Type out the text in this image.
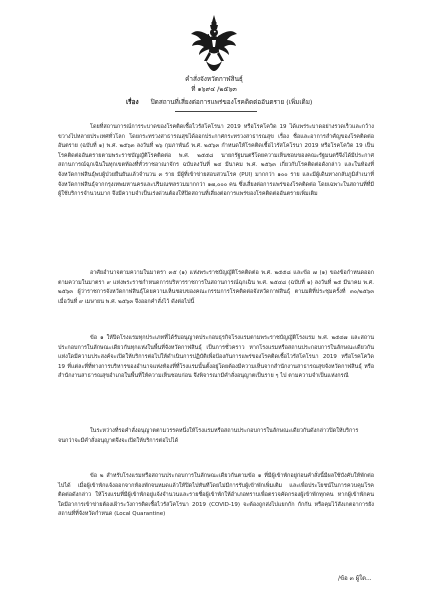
คำสั่งจังหวัดกาฬสินธุ์
ที่ ๑๖๙๔ /๒๕๖๓
เรื่อง ปิดสถานที่เสี่ยงต่อการแพร่ของโรคติดต่ออันตราย (เพิ่มเติม)

โดยที่สถานการณ์การระบาดของโรคติดเชื้อไวรัสโคโรนา 2019 หรือโรคโควิด 19 ได้แพร่ระบาดอย่างรวดเร็วและกว้างขวางไปหลายประเทศทั่วโลก โดยกระทรวงสาธารณสุขได้ออกประกาศกระทรวงสาธารณสุข เรื่อง ชื่อและอาการสำคัญของโรคติดต่ออันตราย (ฉบับที่ ๑) พ.ศ. ๒๕๖๓ ลงวันที่ ๒๖ กุมภาพันธ์ พ.ศ. ๒๕๖๓ กำหนดให้โรคติดเชื้อไวรัสโคโรนา 2019 หรือโรคโควิด 19 เป็นโรคติดต่ออันตรายตามพระราชบัญญัติโรคติดต่อ พ.ศ. ๒๕๕๘ นายกรัฐมนตรีโดยความเห็นชอบของคณะรัฐมนตรีจึงได้มีประกาศสถานการณ์ฉุกเฉินในทุกเขตท้องที่ทั่วราชอาณาจักร ฉบับลงวันที่ ๒๔ มีนาคม พ.ศ. ๒๕๖๓ เกี่ยวกับโรคติดต่อดังกล่าว และในท้องที่จังหวัดกาฬสินธุ์พบผู้ป่วยยืนยันแล้วจำนวน ๓ ราย มีผู้ที่เข้าข่ายสอบสวนโรค (PUI) มากกว่า ๑๐๐ ราย และมีผู้เดินทางกลับภูมิลำเนาที่จังหวัดกาฬสินธุ์จากกรุงเทพมหานครและปริมณฑลรวมมากกว่า ๑๗,๐๐๐ คน ซึ่งเสี่ยงต่อการแพร่ของโรคติดต่อ โดยเฉพาะในสถานที่ที่มีผู้ใช้บริการจำนวนมาก จึงมีความจำเป็นเร่งด่วนต้องให้ปิดสถานที่เสี่ยงต่อการแพร่ของโรคติดต่ออันตรายเพิ่มเติม

อาศัยอำนาจตามความในมาตรา ๓๕ (๑) แห่งพระราชบัญญัติโรคติดต่อ พ.ศ. ๒๕๕๘ และข้อ ๗ (๑) ของข้อกำหนดออกตามความในมาตรา ๙ แห่งพระราชกำหนดการบริหารราชการในสถานการณ์ฉุกเฉิน พ.ศ. ๒๕๔๘ (ฉบับที่ ๑) ลงวันที่ ๒๕ มีนาคม พ.ศ. ๒๕๖๓ ผู้ว่าราชการจังหวัดกาฬสินธุ์โดยความเห็นชอบของคณะกรรมการโรคติดต่อจังหวัดกาฬสินธุ์ ตามมติที่ประชุมครั้งที่ ๓๐/๒๕๖๓ เมื่อวันที่ ๙ เมษายน พ.ศ. ๒๕๖๓ จึงออกคำสั่งไว้ ดังต่อไปนี้

ข้อ ๑ ให้ปิดโรงแรมทุกประเภทที่ได้รับอนุญาตประกอบธุรกิจโรงแรมตามพระราชบัญญัติโรงแรม พ.ศ. ๒๕๔๗ และสถานประกอบการในลักษณะเดียวกันทุกแห่งในพื้นที่จังหวัดกาฬสินธุ์ เป็นการชั่วคราว หากโรงแรมหรือสถานประกอบการในลักษณะเดียวกันแห่งใดมีความประสงค์จะเปิดให้บริการต่อไปให้ดำเนินการปฏิบัติเพื่อป้องกันการแพร่ของโรคติดเชื้อไวรัสโคโรนา 2019 หรือโรคโควิด 19 ที่แต่ละที่ที่ทางการบริหารของอำนาจแห่งท้องที่ที่โรงแรมนั้นตั้งอยู่โดยต้องมีความเห็นจากสำนักงานสาธารณสุขจังหวัดกาฬสินธุ์ หรือสำนักงานสาธารณสุขอำเภอในพื้นที่ให้ความเห็นชอบก่อน จึงพิจารณามีคำสั่งอนุญาตเป็นราย ๆ ไป ตามความจำเป็นแห่งกรณี

ในระหว่างที่รอคำสั่งอนุญาตตามวรรคหนึ่งให้โรงแรมหรือสถานประกอบการในลักษณะเดียวกันดังกล่าวปิดให้บริการจนกว่าจะมีคำสั่งอนุญาตจึงจะเปิดให้บริการต่อไปได้

ข้อ ๒ สำหรับโรงแรมหรือสถานประกอบการในลักษณะเดียวกันตามข้อ ๑ ที่มีผู้เข้าพักอยู่ก่อนคำสั่งนี้มีผลใช้บังคับให้พักต่อไปได้ เมื่อผู้เข้าพักแจ้งออกจากห้องพักจนหมดแล้วให้ปิดไปทันทีโดยไม่มีการรับผู้เข้าพักเพิ่มเติม และเพื่อประโยชน์ในการควบคุมโรคติดต่อดังกล่าว ให้โรงแรมที่มีผู้เข้าพักอยู่แจ้งจำนวนและรายชื่อผู้เข้าพักให้อำเภอทราบเพื่อตรวจคัดกรองผู้เข้าพักทุกคน หากผู้เข้าพักคนใดมีอาการเข้าข่ายต้องเฝ้าระวังการติดเชื้อไวรัสโคโรนา 2019 (COVID-19) จะต้องถูกส่งไปแยกกัก กักกัน หรือคุมไว้สังเกตอาการยังสถานที่ที่จังหวัดกำหนด (Local Quarantine)

/ข้อ ๓ ผู้ใด...
